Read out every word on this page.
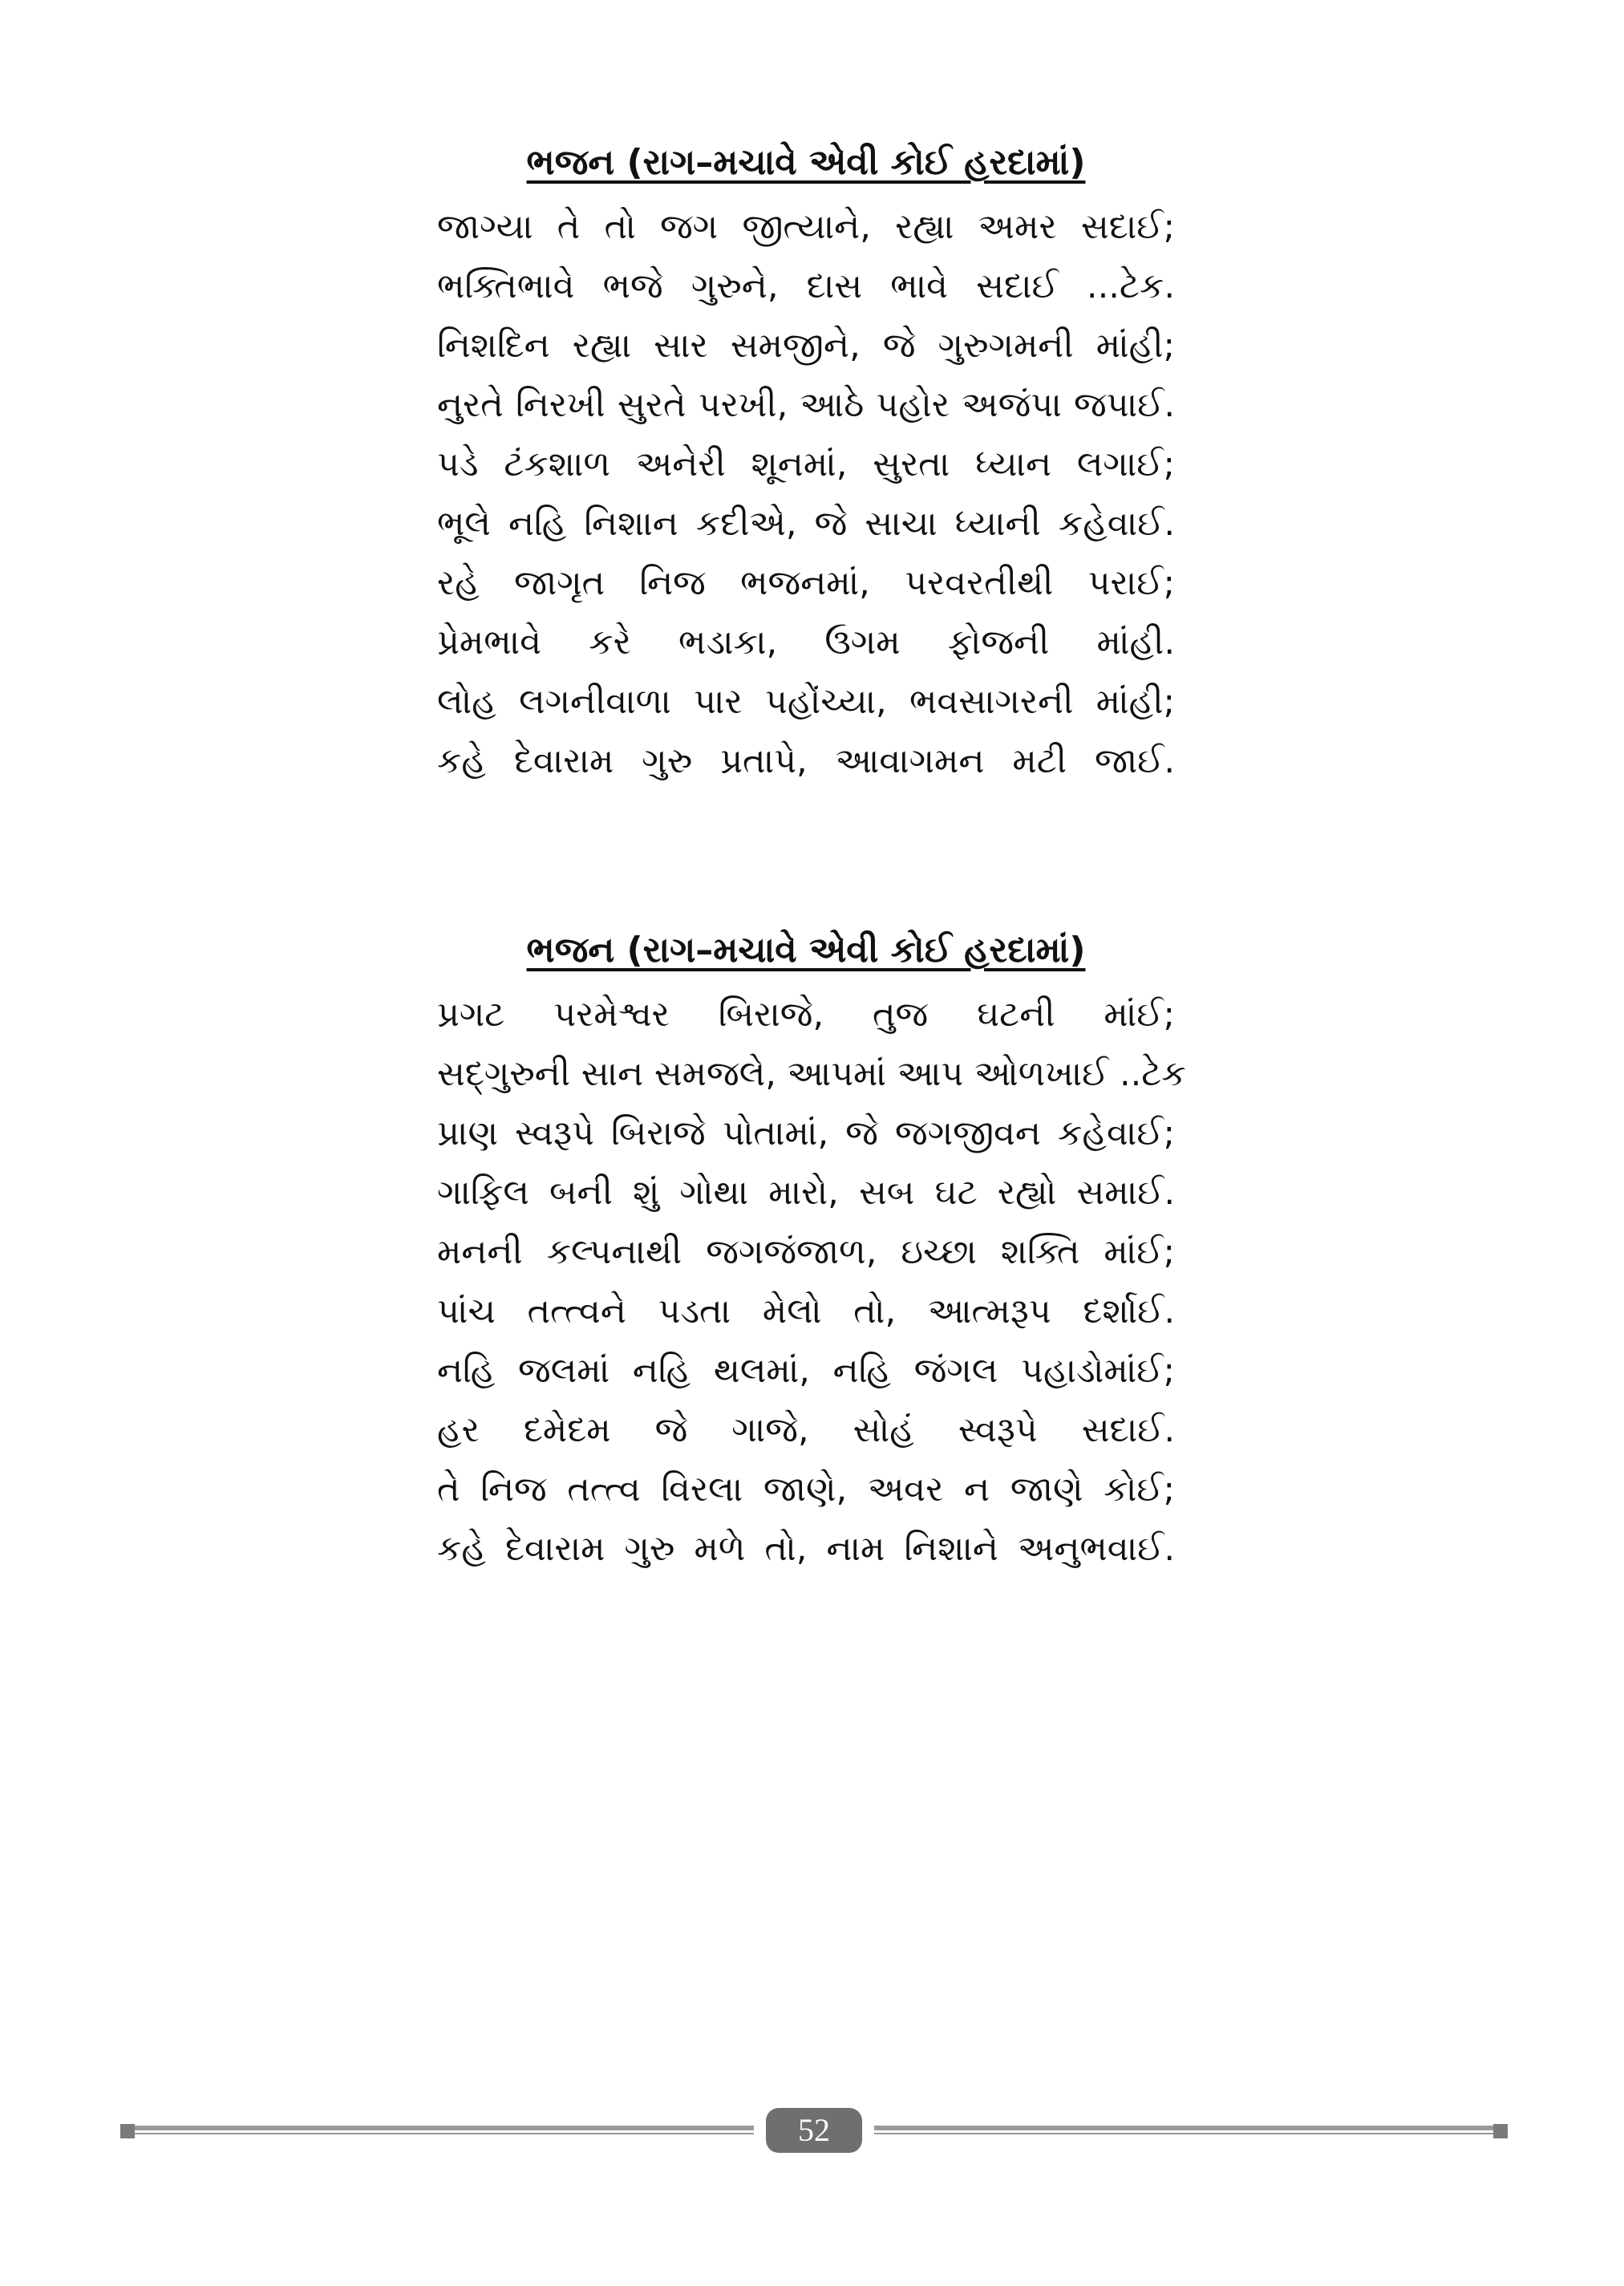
ભજન (રાગ–મચાવે એવી કોઈ હરદામાં)
જાગ્યા તે તો જગ જીત્યાને, રહ્યા અમર સદાઈ;
ભક્તિભાવે ભજે ગુરુને, દાસ ભાવે સદાઈ ...ટેક.
નિશદિન રહ્યા સાર સમજીને, જે ગુરુગમની માંહી;
નુરતે નિરખી સુરતે પરખી, આઠે પહોર અજંપા જપાઈ.
પડે ટંકશાળ અનેરી શૂનમાં, સુરતા ધ્યાન લગાઈ;
ભૂલે નહિ નિશાન કદીએ, જે સાચા ધ્યાની કહેવાઈ.
રહે જાગૃત નિજ ભજનમાં, પરવરતીથી પરાઈ;
પ્રેમભાવે કરે ભડાકા, ઉગમ ફોજની માંહી.
લોહ લગનીવાળા પાર પહોંચ્યા, ભવસાગરની માંહી;
કહે દેવારામ ગુરુ પ્રતાપે, આવાગમન મટી જાઈ.
ભજન (રાગ–મચાવે એવી કોઈ હરદામાં)
પ્રગટ પરમેશ્વર બિરાજે, તુજ ઘટની માંઈ;
સદ્‌ગુરુની સાન સમજલે, આપમાં આપ ઓળખાઈ ..ટેક
પ્રાણ સ્વરૂપે બિરાજે પોતામાં, જે જગજીવન કહેવાઈ;
ગાફિલ બની શું ગોથા મારો, સબ ઘટ રહ્યો સમાઈ.
મનની કલ્પનાથી જગજંજાળ, ઇચ્છા શક્તિ માંઈ;
પાંચ તત્ત્વને પડતા મેલો તો, આત્મરૂપ દર્શાઈ.
નહિ જલમાં નહિ થલમાં, નહિ જંગલ પહાડોમાંઈ;
હર દમેદમ જે ગાજે, સોહં સ્વરૂપે સદાઈ.
તે નિજ તત્ત્વ વિરલા જાણે, અવર ન જાણે કોઈ;
કહે દેવારામ ગુરુ મળે તો, નામ નિશાને અનુભવાઈ.
52
